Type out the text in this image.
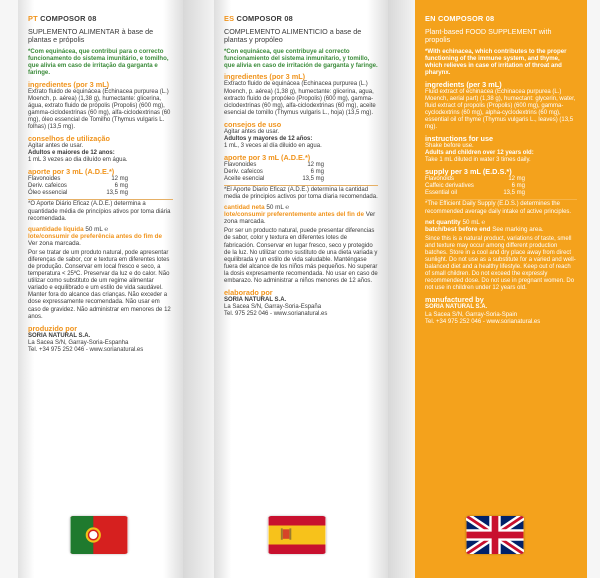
PT COMPOSOR 08
SUPLEMENTO ALIMENTAR à base de plantas e própolis
*Com equinácea, que contribui para o correcto funcionamento do sistema imunitário, e tomilho, que alivia em caso de irritação da garganta e faringe.
ingredientes (por 3 mL)
Extrato fluido de equinácea (Echinacea purpurea (L.) Moench, p. aérea) (1,38 g), humectante: glicerina, água, extrato fluido de própolis (Propolis) (600 mg), gamma-ciclodextrinas (60 mg), alfa-ciclodextrinas (60 mg), óleo essencial de Tomilho (Thymus vulgaris L. folhas) (13,5 mg).
conselhos de utilização
Agitar antes de usar.
Adultos e maiores de 12 anos:
1 mL 3 vezes ao dia diluído em água.
aporte por 3 mL (A.D.E.*)
Flavonoides	12 mg
Deriv. cafeicos	6 mg
Óleo essencial	13,5 mg
*O Aporte Diário Eficaz (A.D.E.) determina a quantidade média de princípios ativos por toma diária recomendada.
quantidade líquida 50 mL ℮
lote/consumir de preferência antes do fim de Ver zona marcada.
Por se tratar de um produto natural, pode apresentar diferenças de sabor, cor e textura em diferentes lotes de produção. Conservar em local fresco e seco, a temperatura < 25ºC. Preservar da luz e do calor. Não utilizar como substituto de um regime alimentar variado e equilibrado e um estilo de vida saudável. Manter fora do alcance das crianças. Não exceder a dose expressamente recomendada. Não usar em caso de gravidez. Não administrar em menores de 12 anos.
produzido por
SORIA NATURAL S.A.
La Sacea S/N, Garray-Soria-Espanha
Tel. +34 975 252 046 - www.sorianatural.es
ES COMPOSOR 08
COMPLEMENTO ALIMENTICIO a base de plantas y propóleo
*Con equinácea, que contribuye al correcto funcionamiento del sistema inmunitario, y tomillo, que alivia en caso de irritación de garganta y faringe.
ingredientes (por 3 mL)
Extracto fluido de equinácea (Echinacea purpurea (L.) Moench, p. aérea) (1,38 g), humectante: glicerina, agua, extracto fluido de propóleo (Propolis) (600 mg), gamma-ciclodextrinas (60 mg), alfa-ciclodextrinas (60 mg), aceite esencial de tomillo (Thymus vulgaris L., hoja) (13,5 mg).
consejos de uso
Agitar antes de usar.
Adultos y mayores de 12 años:
1 mL, 3 veces al día diluido en agua.
aporte por 3 mL (A.D.E.*)
Flavonoides	12 mg
Deriv. cafeicos	6 mg
Aceite esencial	13,5 mg
*El Aporte Diario Eficaz (A.D.E.) determina la cantidad media de principios activos por toma diaria recomendada.
cantidad neta 50 mL ℮
lote/consumir preferentemente antes del fin de Ver zona marcada.
Por ser un producto natural, puede presentar diferencias de sabor, color y textura en diferentes lotes de fabricación. Conservar en lugar fresco, seco y protegido de la luz. No utilizar como sustituto de una dieta variada y equilibrada y un estilo de vida saludable. Manténgase fuera del alcance de los niños más pequeños. No superar la dosis expresamente recomendada. No usar en caso de embarazo. No administrar a niños menores de 12 años.
elaborado por
SORIA NATURAL S.A.
La Sacea S/N, Garray-Soria-España
Tel. 975 252 046 - www.sorianatural.es
EN COMPOSOR 08
Plant-based FOOD SUPPLEMENT with propolis
*With echinacea, which contributes to the proper functioning of the immune system, and thyme, which relieves in case of irritation of throat and pharynx.
ingredients (per 3 mL)
Fluid extract of echinacea (Echinacea purpurea (L.) Moench, aerial part) (1,38 g), humectant: glycerin, water, fluid extract of propolis (Propolis) (600 mg), gamma-cyclodextrins (60 mg), alpha-cyclodextrins (60 mg), essential oil of thyme (Thymus vulgaris L., leaves) (13,5 mg).
instructions for use
Shake before use.
Adults and children over 12 years old:
Take 1 mL diluted in water 3 times daily.
supply per 3 mL (E.D.S.*)
Flavonoids	12 mg
Caffeic derivatives	6 mg
Essential oil	13,5 mg
*The Efficient Daily Supply (E.D.S.) determines the recommended average daily intake of active principles.
net quantity 50 mL ℮
batch/best before end See marking area.
Since this is a natural product, variations of taste, smell and texture may occur among different production batches. Store in a cool and dry place away from direct sunlight. Do not use as a substitute for a varied and well-balanced diet and a healthy lifestyle. Keep out of reach of small children. Do not exceed the expressly recommended dose. Do not use in pregnant women. Do not use in children under 12 years old.
manufactured by
SORIA NATURAL S.A.
La Sacea S/N, Garray-Soria-Spain
Tel. +34 975 252 046 - www.sorianatural.es
